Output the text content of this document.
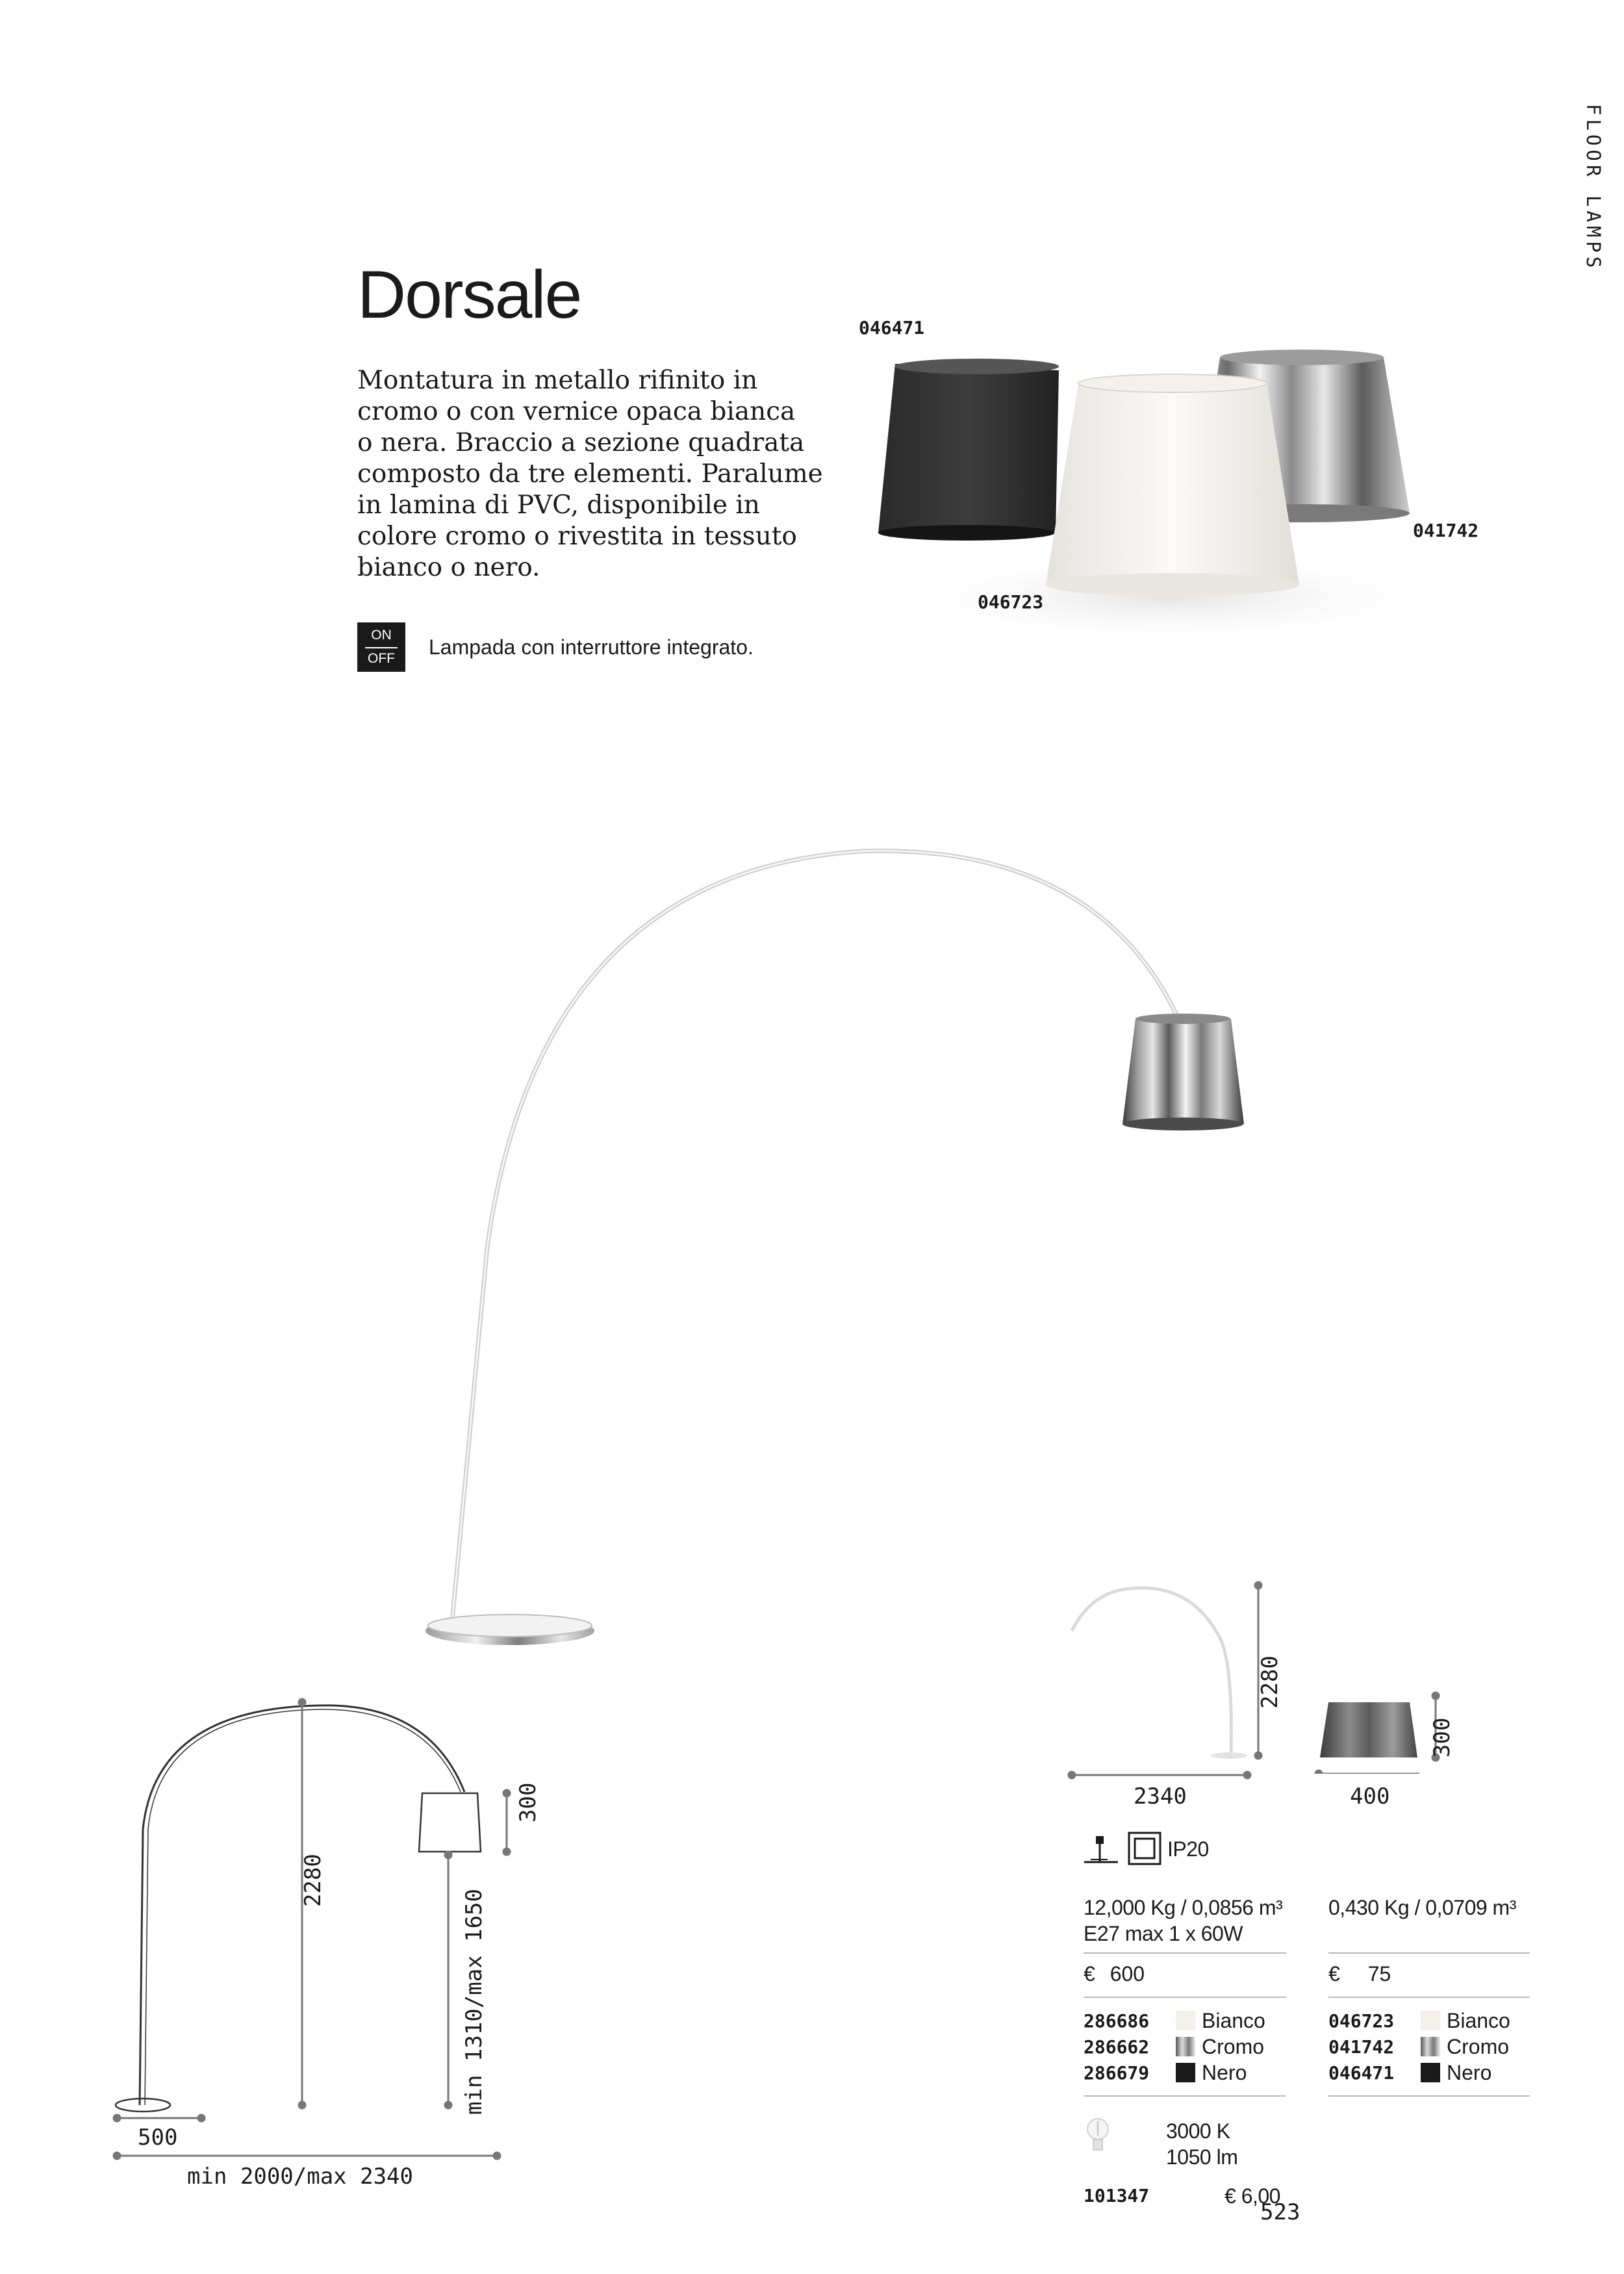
FLOOR LAMPS
Dorsale

Montatura in metallo rifinito in

cromo o con vernice opaca bianca

o nera. Braccio a sezione quadrata

composto da tre elementi. Paralume

in lamina di PVC, disponibile in

colore cromo o rivestita in tessuto

bianco o nero.

ON
OFF	Lampada con interruttore integrato.
046471
046723
041742
2280
300
min 1310/max 1650
500
min 2000/max 2340
2280
2340
300
400
IP20
12,000 Kg / 0,0856 m³
E27 max 1 x 60W
€ 600
286686	Bianco
286662	Cromo
286679	Nero
3000 K
1050 lm
101347	€ 6,00
0,430 Kg / 0,0709 m³
€ 75
046723	Bianco
041742	Cromo
046471	Nero
523
